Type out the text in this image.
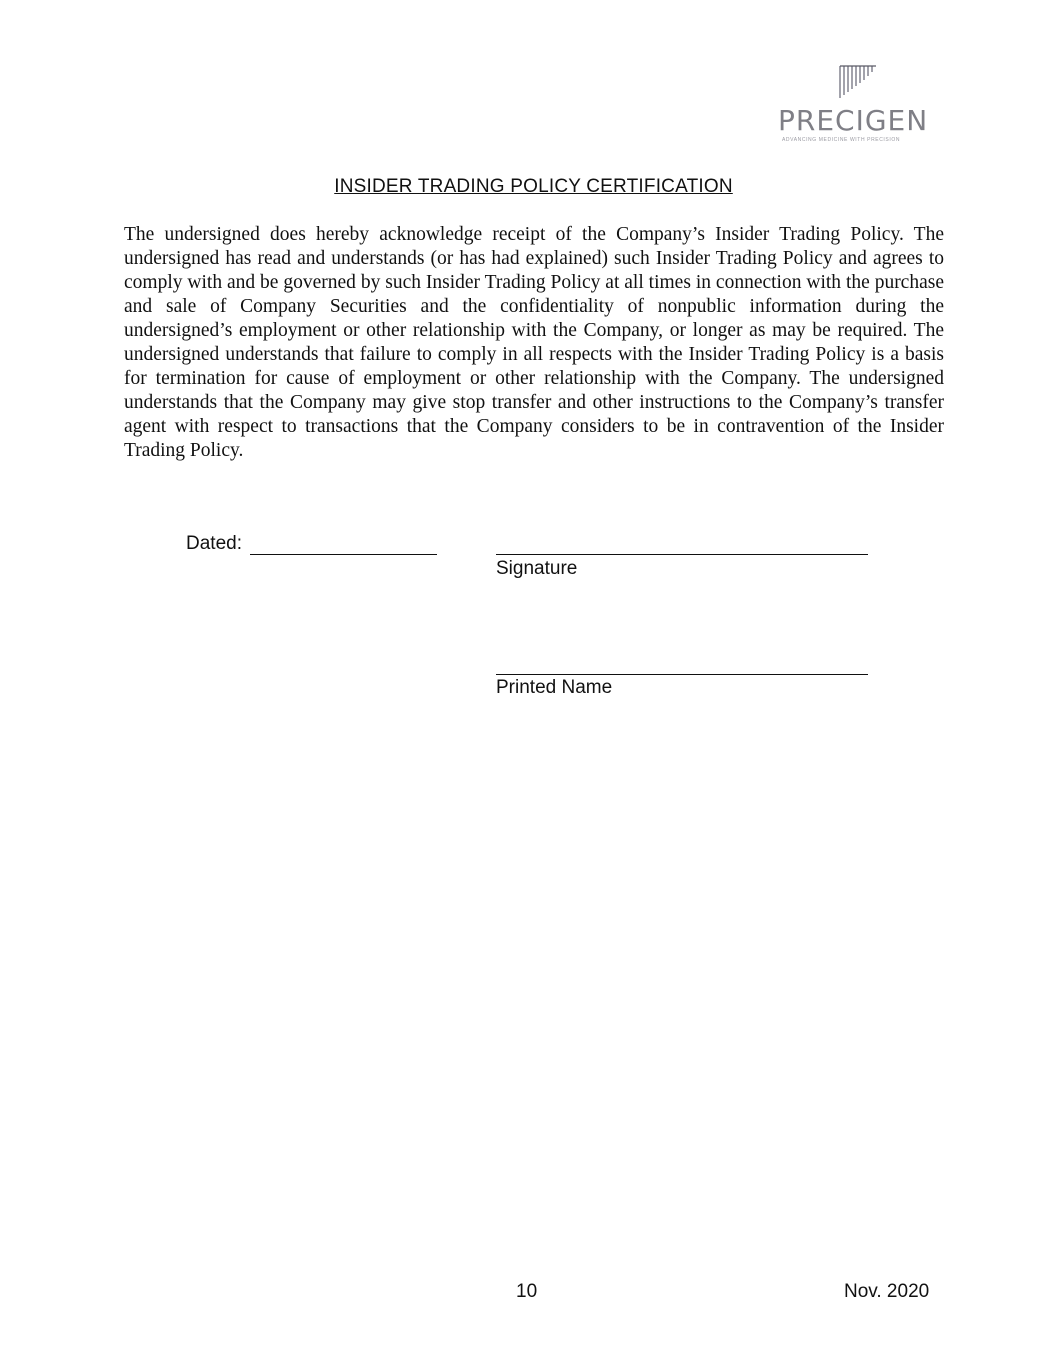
PRECIGEN
ADVANCING MEDICINE WITH PRECISION
INSIDER TRADING POLICY CERTIFICATION
The undersigned does hereby acknowledge receipt of the Company’s Insider Trading Policy. The undersigned has read and understands (or has had explained) such Insider Trading Policy and agrees to comply with and be governed by such Insider Trading Policy at all times in connection with the purchase and sale of Company Securities and the confidentiality of nonpublic information during the undersigned’s employment or other relationship with the Company, or longer as may be required. The undersigned understands that failure to comply in all respects with the Insider Trading Policy is a basis for termination for cause of employment or other relationship with the Company. The undersigned understands that the Company may give stop transfer and other instructions to the Company’s transfer agent with respect to transactions that the Company considers to be in contravention of the Insider Trading Policy.
Dated:
Signature
Printed Name
10	Nov. 2020
